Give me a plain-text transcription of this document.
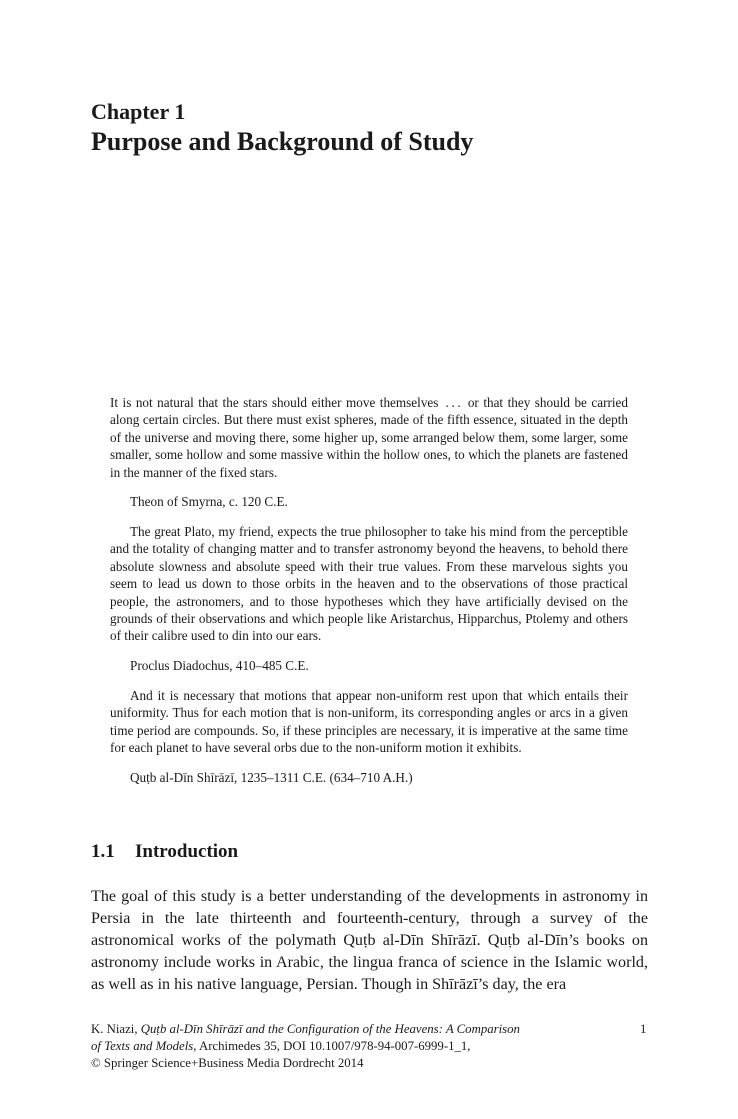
Chapter 1
Purpose and Background of Study

It is not natural that the stars should either move themselves  . . .  or that they should be carried along certain circles. But there must exist spheres, made of the fifth essence, situated in the depth of the universe and moving there, some higher up, some arranged below them, some larger, some smaller, some hollow and some massive within the hollow ones, to which the planets are fastened in the manner of the fixed stars.

Theon of Smyrna, c. 120 C.E.

The great Plato, my friend, expects the true philosopher to take his mind from the perceptible and the totality of changing matter and to transfer astronomy beyond the heavens, to behold there absolute slowness and absolute speed with their true values. From these marvelous sights you seem to lead us down to those orbits in the heaven and to the observations of those practical people, the astronomers, and to those hypotheses which they have artificially devised on the grounds of their observations and which people like Aristarchus, Hipparchus, Ptolemy and others of their calibre used to din into our ears.

Proclus Diadochus, 410–485 C.E.

And it is necessary that motions that appear non-uniform rest upon that which entails their uniformity. Thus for each motion that is non-uniform, its corresponding angles or arcs in a given time period are compounds. So, if these principles are necessary, it is imperative at the same time for each planet to have several orbs due to the non-uniform motion it exhibits.

Quṭb al-Dīn Shīrāzī, 1235–1311 C.E. (634–710 A.H.)

1.1 Introduction

The goal of this study is a better understanding of the developments in astronomy in Persia in the late thirteenth and fourteenth-century, through a survey of the astronomical works of the polymath Quṭb al-Dīn Shīrāzī. Quṭb al-Dīn’s books on astronomy include works in Arabic, the lingua franca of science in the Islamic world, as well as in his native language, Persian. Though in Shīrāzī’s day, the era

K. Niazi, Quṭb al-Dīn Shīrāzī and the Configuration of the Heavens: A Comparison
of Texts and Models, Archimedes 35, DOI 10.1007/978-94-007-6999-1_1,
© Springer Science+Business Media Dordrecht 2014
1
